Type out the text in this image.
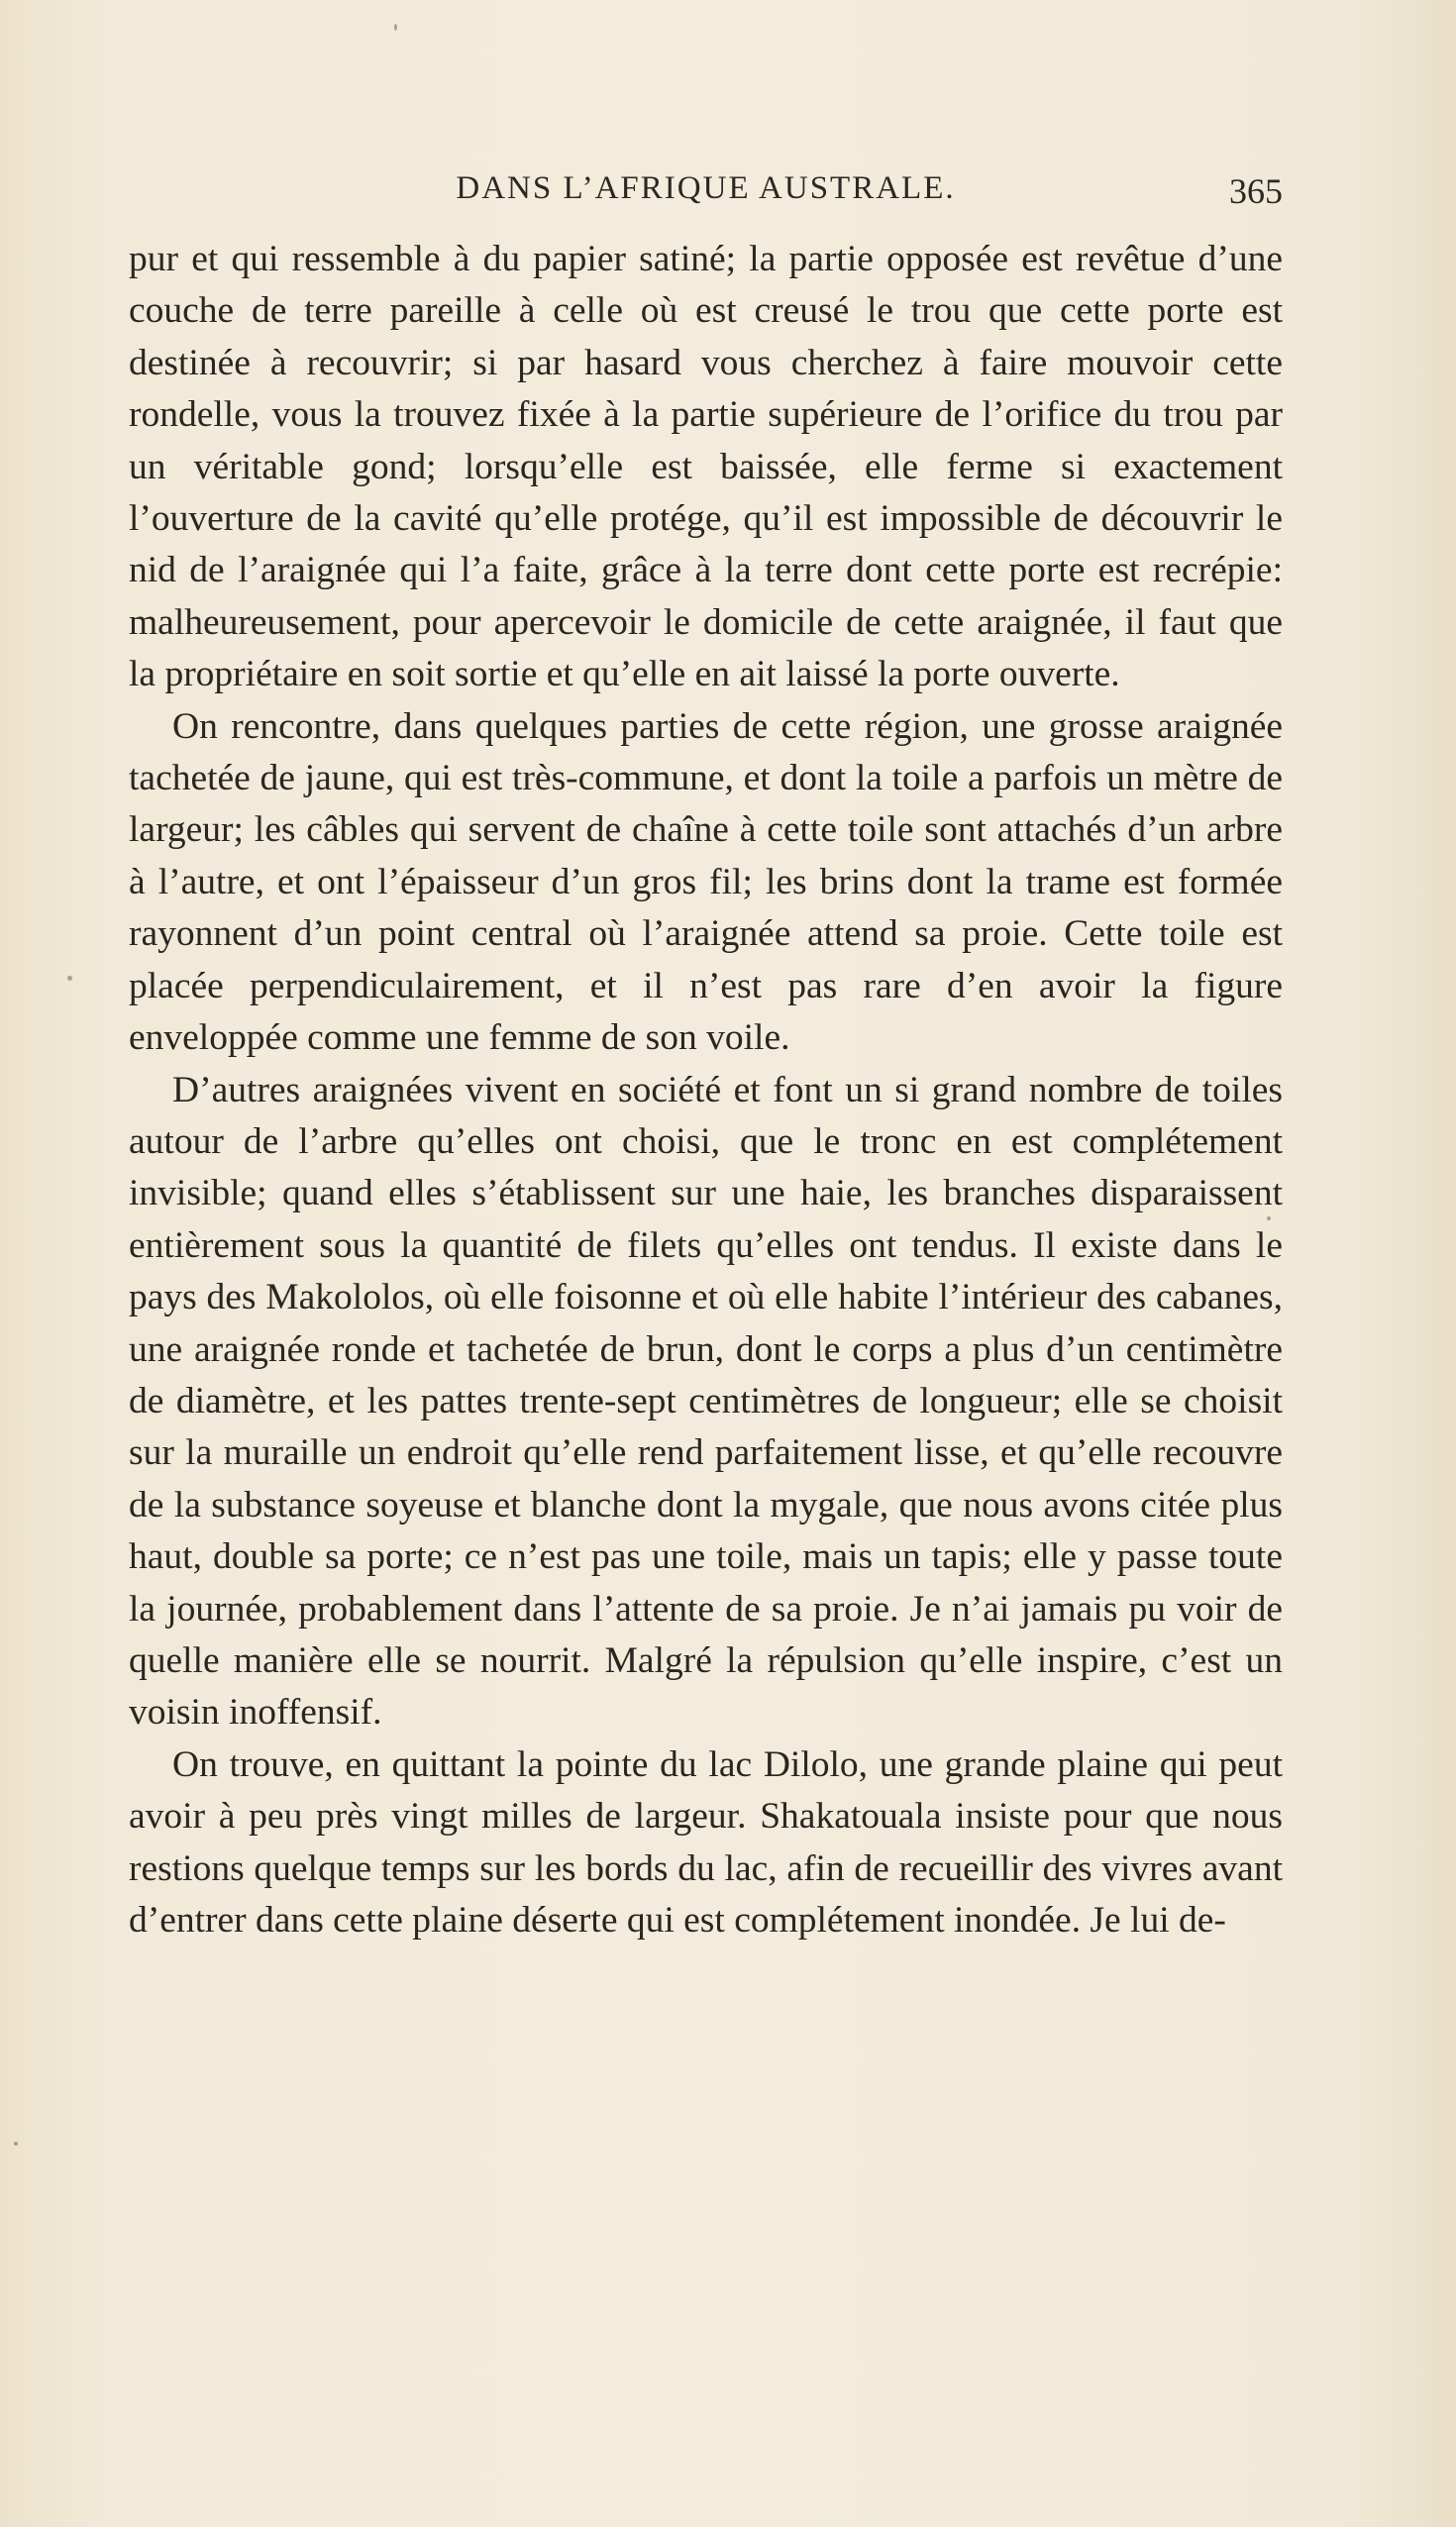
DANS L’AFRIQUE AUSTRALE.	365

pur et qui ressemble à du papier satiné; la partie opposée est revêtue d’une couche de terre pareille à celle où est creusé le trou que cette porte est destinée à recouvrir; si par hasard vous cherchez à faire mouvoir cette rondelle, vous la trouvez fixée à la partie supérieure de l’orifice du trou par un véritable gond; lorsqu’elle est baissée, elle ferme si exactement l’ouverture de la cavité qu’elle protége, qu’il est impossible de découvrir le nid de l’araignée qui l’a faite, grâce à la terre dont cette porte est recrépie: malheureusement, pour apercevoir le domicile de cette araignée, il faut que la propriétaire en soit sortie et qu’elle en ait laissé la porte ouverte.

On rencontre, dans quelques parties de cette région, une grosse araignée tachetée de jaune, qui est très-commune, et dont la toile a parfois un mètre de largeur; les câbles qui servent de chaîne à cette toile sont attachés d’un arbre à l’autre, et ont l’épaisseur d’un gros fil; les brins dont la trame est formée rayonnent d’un point central où l’araignée attend sa proie. Cette toile est placée perpendiculairement, et il n’est pas rare d’en avoir la figure enveloppée comme une femme de son voile.

D’autres araignées vivent en société et font un si grand nombre de toiles autour de l’arbre qu’elles ont choisi, que le tronc en est complétement invisible; quand elles s’établissent sur une haie, les branches disparaissent entièrement sous la quantité de filets qu’elles ont tendus. Il existe dans le pays des Makololos, où elle foisonne et où elle habite l’intérieur des cabanes, une araignée ronde et tachetée de brun, dont le corps a plus d’un centimètre de diamètre, et les pattes trente-sept centimètres de longueur; elle se choisit sur la muraille un endroit qu’elle rend parfaitement lisse, et qu’elle recouvre de la substance soyeuse et blanche dont la mygale, que nous avons citée plus haut, double sa porte; ce n’est pas une toile, mais un tapis; elle y passe toute la journée, probablement dans l’attente de sa proie. Je n’ai jamais pu voir de quelle manière elle se nourrit. Malgré la répulsion qu’elle inspire, c’est un voisin inoffensif.

On trouve, en quittant la pointe du lac Dilolo, une grande plaine qui peut avoir à peu près vingt milles de largeur. Shakatouala insiste pour que nous restions quelque temps sur les bords du lac, afin de recueillir des vivres avant d’entrer dans cette plaine déserte qui est complétement inondée. Je lui de-
